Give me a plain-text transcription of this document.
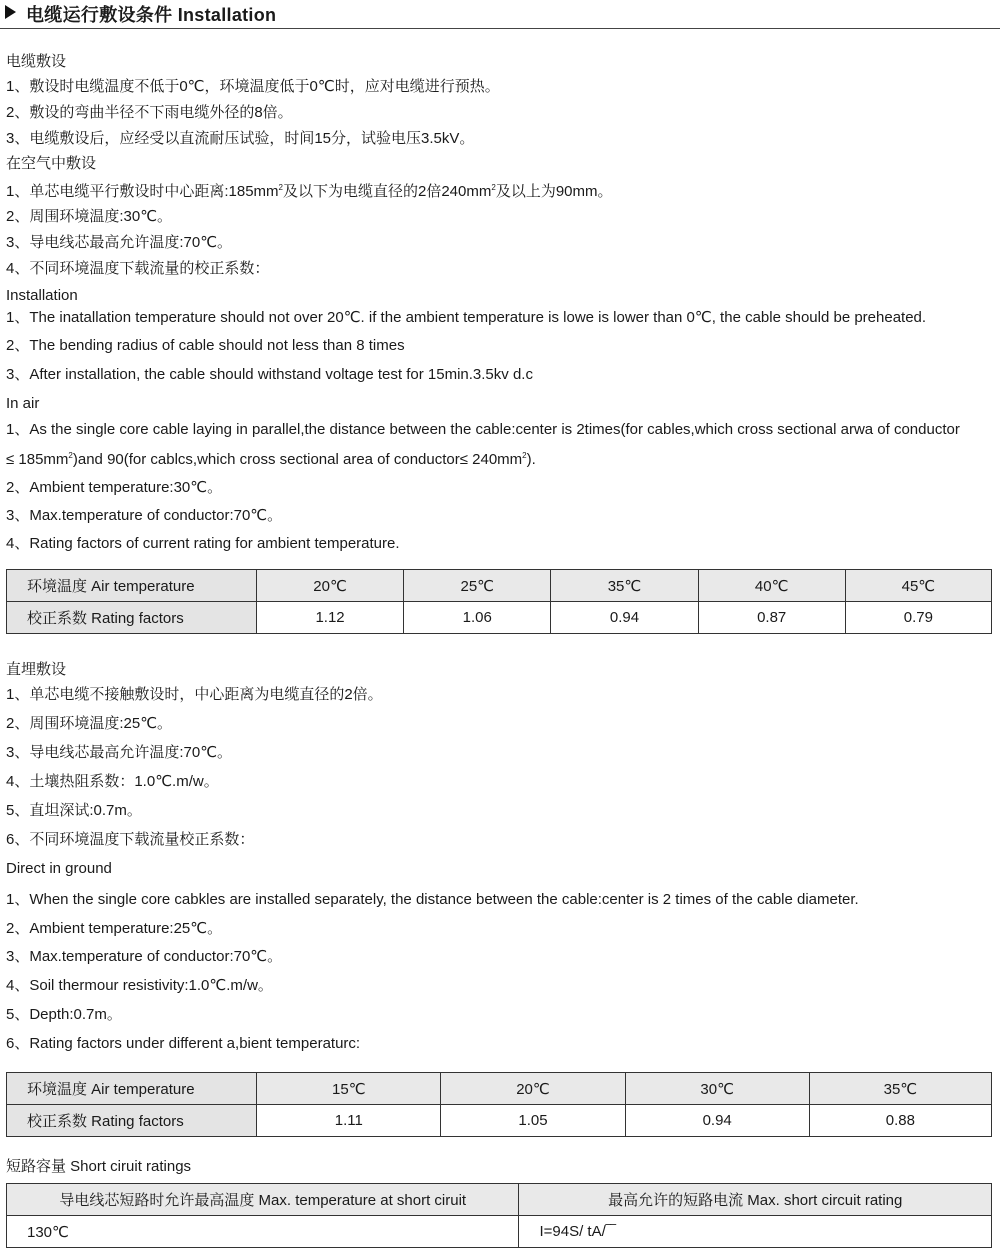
电缆运行敷设条件 Installation
电缆敷设
1、敷设时电缆温度不低于0℃，环境温度低于0℃时，应对电缆进行预热。
2、敷设的弯曲半径不下雨电缆外径的8倍。
3、电缆敷设后，应经受以直流耐压试验，时间15分，试验电压3.5kV。
在空气中敷设
1、单芯电缆平行敷设时中心距离$:185mm^2$及以下为电缆直径的2倍$240mm^2$及以上为90mm。
2、周围环境温度:30℃。
3、导电线芯最高允许温度:70℃。
4、不同环境温度下载流量的校正系数：
Installation
1、The inatallation temperature should not over 20℃. if the ambient temperature is lowe is lower than 0℃, the cable should be preheated.
2、The bending radius of cable should not less than 8 times
3、After installation, the cable should withstand voltage test for 15min.3.5kv d.c
In air
1、As the single core cable laying in parallel,the distance between the cable:center is 2times(for cables,which cross sectional arwa of conductor
≤ $185mm^2)and$ 90(for cablcs,which cross sectional area of conductor≤ $240mm^2$).
2、Ambient temperature:30℃。
3、Max.temperature of conductor:70℃。
4、Rating factors of current rating for ambient temperature.
环境温度 Air temperature	20℃	25℃	35℃	40℃	45℃
校正系数 Rating factors	1.12	1.06	0.94	0.87	0.79
直埋敷设
1、单芯电缆不接触敷设时，中心距离为电缆直径的2倍。
2、周围环境温度:25℃。
3、导电线芯最高允许温度:70℃。
4、土壤热阻系数：1.0℃.m/w。
5、直坦深试:0.7m。
6、不同环境温度下载流量校正系数：
Direct in ground
1、When the single core cabkles are installed separately, the distance between the cable:center is 2 times of the cable diameter.
2、Ambient temperature:25℃。
3、Max.temperature of conductor:70℃。
4、Soil thermour resistivity:1.0℃.m/w。
5、Depth:0.7m。
6、Rating factors under different a,bient temperaturc:
环境温度 Air temperature	15℃	20℃	30℃	35℃
校正系数 Rating factors	1.11	1.05	0.94	0.88
短路容量 Short ciruit ratings
导电线芯短路时允许最高温度 Max. temperature at short ciruit	最高允许的短路电流 Max. short circuit rating
130℃	I=94S/ tA/‾‾
